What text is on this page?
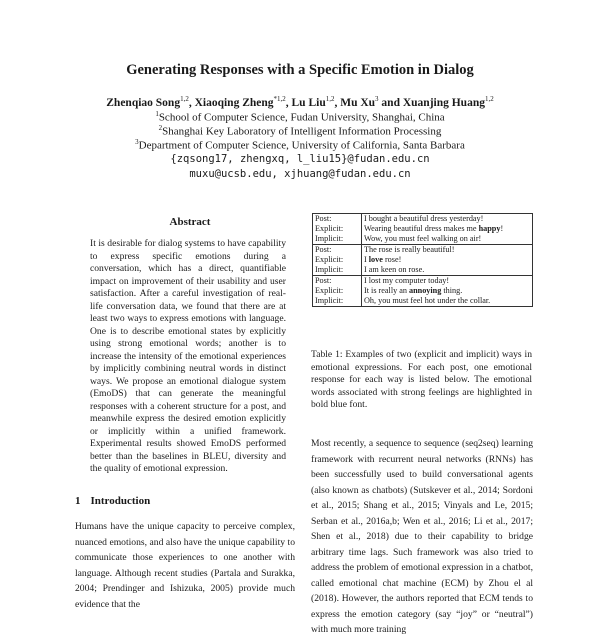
Generating Responses with a Specific Emotion in Dialog
Zhenqiao Song$^{1,2}$, Xiaoqing Zheng$^{*1,2}$, Lu Liu$^{1,2}$, Mu Xu$^3$ and Xuanjing Huang$^{1,2}$
$^1$School of Computer Science, Fudan University, Shanghai, China
$^2$Shanghai Key Laboratory of Intelligent Information Processing
$^3$Department of Computer Science, University of California, Santa Barbara
{zqsong17, zhengxq, l_liu15}@fudan.edu.cn
muxu@ucsb.edu, xjhuang@fudan.edu.cn
Abstract
It is desirable for dialog systems to have capability to express specific emotions during a conversation, which has a direct, quantifiable impact on improvement of their usability and user satisfaction. After a careful investigation of real-life conversation data, we found that there are at least two ways to express emotions with language. One is to describe emotional states by explicitly using strong emotional words; another is to increase the intensity of the emotional experiences by implicitly combining neutral words in distinct ways. We propose an emotional dialogue system (EmoDS) that can generate the meaningful responses with a coherent structure for a post, and meanwhile express the desired emotion explicitly or implicitly within a unified framework. Experimental results showed EmoDS performed better than the baselines in BLEU, diversity and the quality of emotional expression.
1 Introduction
Humans have the unique capacity to perceive complex, nuanced emotions, and also have the unique capability to communicate those experiences to one another with language. Although recent studies (Partala and Surakka, 2004; Prendinger and Ishizuka, 2005) provide much evidence that the
Post:	I bought a beautiful dress yesterday!
Explicit:	Wearing beautiful dress makes me happy!
Implicit:	Wow, you must feel walking on air!
Post:	The rose is really beautiful!
Explicit:	I love rose!
Implicit:	I am keen on rose.
Post:	I lost my computer today!
Explicit:	It is really an annoying thing.
Implicit:	Oh, you must feel hot under the collar.
Table 1: Examples of two (explicit and implicit) ways in emotional expressions. For each post, one emotional response for each way is listed below. The emotional words associated with strong feelings are highlighted in bold blue font.
Most recently, a sequence to sequence (seq2seq) learning framework with recurrent neural networks (RNNs) has been successfully used to build conversational agents (also known as chatbots) (Sutskever et al., 2014; Sordoni et al., 2015; Shang et al., 2015; Vinyals and Le, 2015; Serban et al., 2016a,b; Wen et al., 2016; Li et al., 2017; Shen et al., 2018) due to their capability to bridge arbitrary time lags. Such framework was also tried to address the problem of emotional expression in a chatbot, called emotional chat machine (ECM) by Zhou el al (2018). However, the authors reported that ECM tends to express the emotion category (say “joy” or “neutral”) with much more training
